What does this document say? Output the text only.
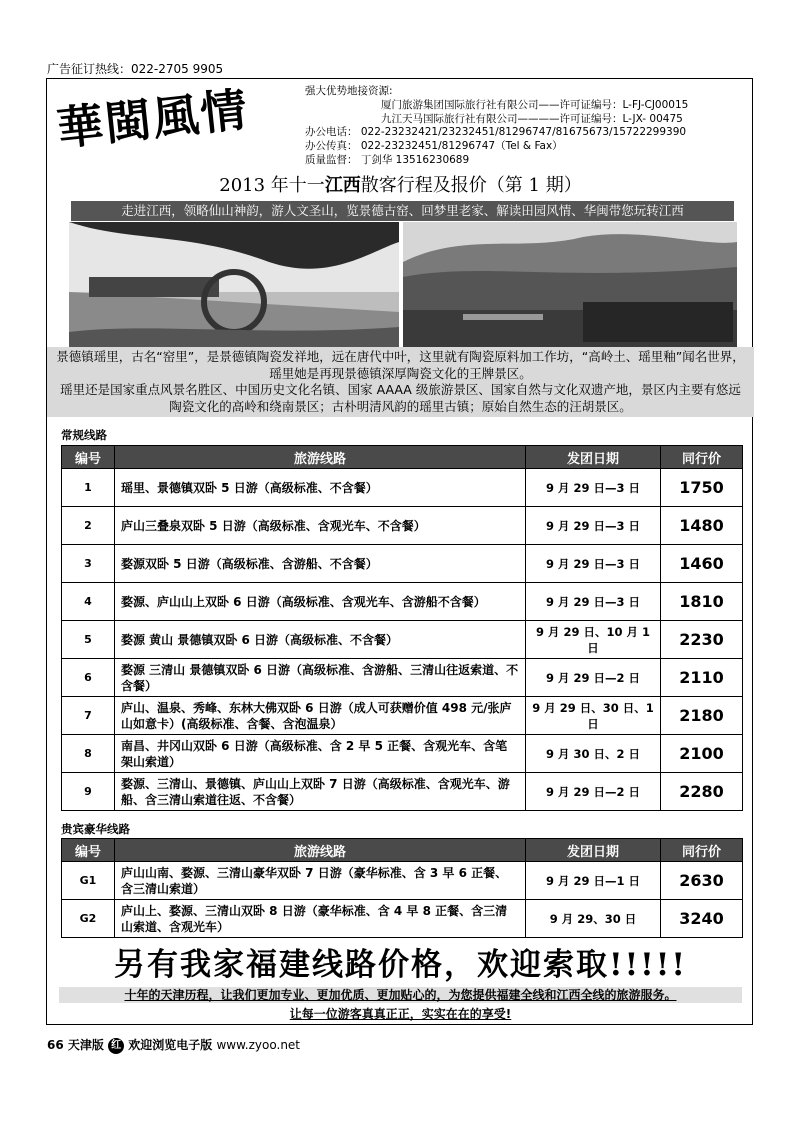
广告征订热线：022-2705 9905
華閩風情	强大优势地接资源:
厦门旅游集团国际旅行社有限公司——许可证编号：L-FJ-CJ00015
九江天马国际旅行社有限公司————许可证编号：L-JX- 00475
办公电话： 022-23232421/23232451/81296747/81675673/15722299390
办公传真： 022-23232451/81296747（Tel & Fax）
质量监督： 丁剑华 13516230689
2013 年十一江西散客行程及报价（第 1 期）
走进江西，领略仙山神韵，游人文圣山，览景德古窑、回梦里老家、解读田园风情、华闽带您玩转江西
景德镇瑶里，古名“窑里”，是景德镇陶瓷发祥地，远在唐代中叶，这里就有陶瓷原料加工作坊，“高岭土、瑶里釉”闻名世界，瑶里她是再现景德镇深厚陶瓷文化的王牌景区。
瑶里还是国家重点风景名胜区、中国历史文化名镇、国家 AAAA 级旅游景区、国家自然与文化双遗产地，景区内主要有悠远陶瓷文化的高岭和绕南景区；古朴明清风韵的瑶里古镇；原始自然生态的汪胡景区。
常规线路
编号	旅游线路	发团日期	同行价
1	瑶里、景德镇双卧 5 日游（高级标准、不含餐）	9 月 29 日—3 日	1750
2	庐山三叠泉双卧 5 日游（高级标准、含观光车、不含餐）	9 月 29 日—3 日	1480
3	婺源双卧 5 日游（高级标准、含游船、不含餐）	9 月 29 日—3 日	1460
4	婺源、庐山山上双卧 6 日游（高级标准、含观光车、含游船不含餐）	9 月 29 日—3 日	1810
5	婺源 黄山 景德镇双卧 6 日游（高级标准、不含餐）	9 月 29 日、10 月 1 日	2230
6	婺源 三清山 景德镇双卧 6 日游（高级标准、含游船、三清山往返索道、不含餐）	9 月 29 日—2 日	2110
7	庐山、温泉、秀峰、东林大佛双卧 6 日游（成人可获赠价值 498 元/张庐山如意卡）(高级标准、含餐、含泡温泉）	9 月 29 日、30 日、1 日	2180
8	南昌、井冈山双卧 6 日游（高级标准、含 2 早 5 正餐、含观光车、含笔架山索道）	9 月 30 日、2 日	2100
9	婺源、三清山、景德镇、庐山山上双卧 7 日游（高级标准、含观光车、游船、含三清山索道往返、不含餐）	9 月 29 日—2 日	2280
贵宾豪华线路
编号	旅游线路	发团日期	同行价
G1	庐山山南、婺源、三清山豪华双卧 7 日游（豪华标准、含 3 早 6 正餐、含三清山索道）	9 月 29 日—1 日	2630
G2	庐山上、婺源、三清山双卧 8 日游（豪华标准、含 4 早 8 正餐、含三清山索道、含观光车）	9 月 29、30 日	3240
另有我家福建线路价格，欢迎索取!!!!!
十年的天津历程，让我们更加专业、更加优质、更加贴心的，为您提供福建全线和江西全线的旅游服务。
让每一位游客真真正正，实实在在的享受!
66 天津版 红 欢迎浏览电子版 www.zyoo.net
